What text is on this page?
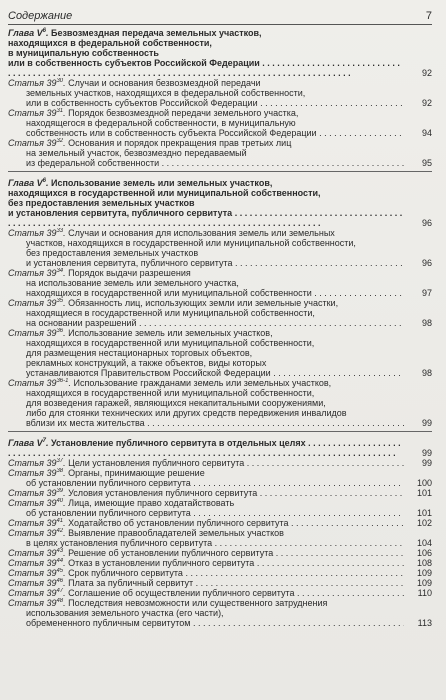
Содержание	7
Глава $V^6$. Безвозмездная передача земельных участков,
находящихся в федеральной собственности,
в муниципальную собственность
или в собственность субъектов Российской Федерации . . .
92
Статья $39^{30}$. Случаи и основания безвозмездной передачи
земельных участков, находящихся в федеральной собственности,
или в собственность субъектов Российской Федерации . . .	92
Статья $39^{31}$. Порядок безвозмездной передачи земельного участка,
находящегося в федеральной собственности, в муниципальную
собственность или в собственность субъекта Российской Федерации . . .	94
Статья $39^{32}$. Основания и порядок прекращения прав третьих лиц
на земельный участок, безвозмездно передаваемый
из федеральной собственности . . .	95
Глава $V^6$. Использование земель или земельных участков,
находящихся в государственной или муниципальной собственности,
без предоставления земельных участков
и установления сервитута, публичного сервитута . . .
96
Статья $39^{33}$. Случаи и основания для использования земель или земельных
участков, находящихся в государственной или муниципальной собственности,
без предоставления земельных участков
и установления сервитута, публичного сервитута . . .	96
Статья $39^{34}$. Порядок выдачи разрешения
на использование земель или земельного участка,
находящихся в государственной или муниципальной собственности . . .	97
Статья $39^{35}$. Обязанность лиц, использующих земли или земельные участки,
находящиеся в государственной или муниципальной собственности,
на основании разрешений . . .	98
Статья $39^{36}$. Использование земель или земельных участков,
находящихся в государственной или муниципальной собственности,
для размещения нестационарных торговых объектов,
рекламных конструкций, а также объектов, виды которых
устанавливаются Правительством Российской Федерации . . .	98
Статья 39$^{36-1}$. Использование гражданами земель или земельных участков,
находящихся в государственной или муниципальной собственности,
для возведения гаражей, являющихся некапитальными сооружениями,
либо для стоянки технических или других средств передвижения инвалидов
вблизи их места жительства . . .	99
Глава $V^7$. Установление публичного сервитута в отдельных целях . . .
99
Статья $39^{37}$. Цели установления публичного сервитута . . .	99
Статья $39^{38}$. Органы, принимающие решение
об установлении публичного сервитута . . .	100
Статья $39^{39}$. Условия установления публичного сервитута . . .	101
Статья $39^{40}$. Лица, имеющие право ходатайствовать
об установлении публичного сервитута . . .	101
Статья $39^{41}$. Ходатайство об установлении публичного сервитута . . .	102
Статья $39^{42}$. Выявление правообладателей земельных участков
в целях установления публичного сервитута . . .	104
Статья $39^{43}$. Решение об установлении публичного сервитута . . .	106
Статья $39^{44}$. Отказ в установлении публичного сервитута . . .	108
Статья $39^{45}$. Срок публичного сервитута . . .	109
Статья $39^{46}$. Плата за публичный сервитут . . .	109
Статья $39^{47}$. Соглашение об осуществлении публичного сервитута . . .	110
Статья $39^{48}$. Последствия невозможности или существенного затруднения
использования земельного участка (его части),
обремененного публичным сервитутом . . .	113
